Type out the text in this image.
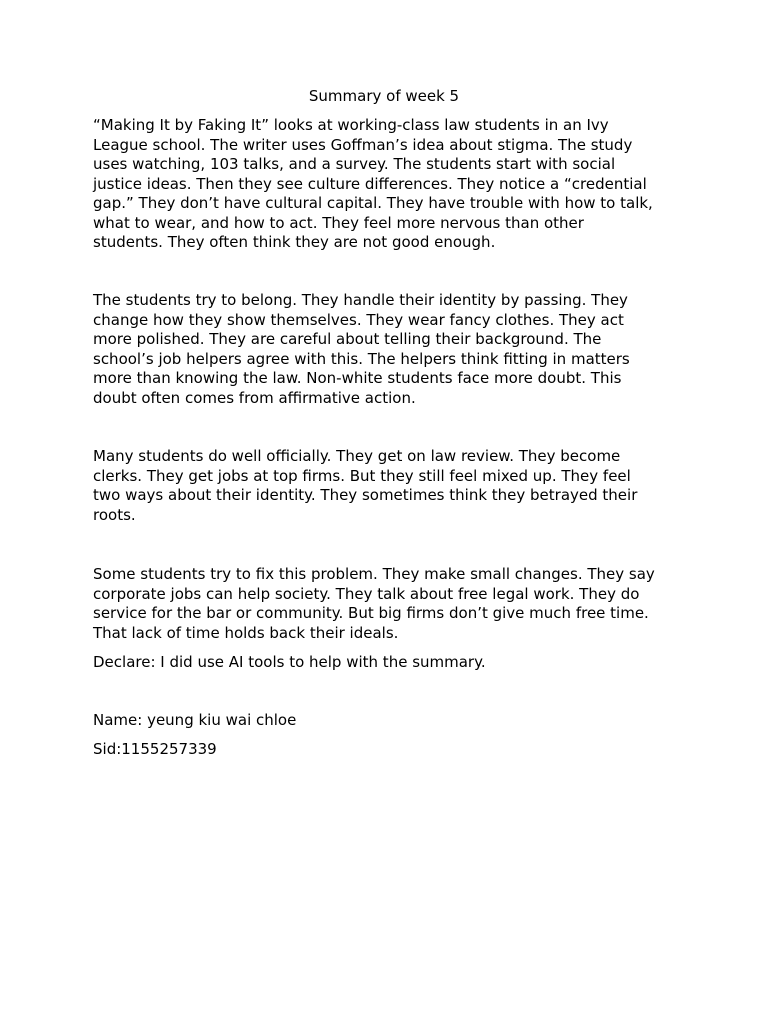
Summary of week 5

“Making It by Faking It” looks at working-class law students in an Ivy
League school. The writer uses Goffman’s idea about stigma. The study
uses watching, 103 talks, and a survey. The students start with social
justice ideas. Then they see culture differences. They notice a “credential
gap.” They don’t have cultural capital. They have trouble with how to talk,
what to wear, and how to act. They feel more nervous than other
students. They often think they are not good enough.

The students try to belong. They handle their identity by passing. They
change how they show themselves. They wear fancy clothes. They act
more polished. They are careful about telling their background. The
school’s job helpers agree with this. The helpers think fitting in matters
more than knowing the law. Non-white students face more doubt. This
doubt often comes from affirmative action.

Many students do well officially. They get on law review. They become
clerks. They get jobs at top firms. But they still feel mixed up. They feel
two ways about their identity. They sometimes think they betrayed their
roots.

Some students try to fix this problem. They make small changes. They say
corporate jobs can help society. They talk about free legal work. They do
service for the bar or community. But big firms don’t give much free time.
That lack of time holds back their ideals.

Declare: I did use AI tools to help with the summary.

Name: yeung kiu wai chloe

Sid:1155257339
